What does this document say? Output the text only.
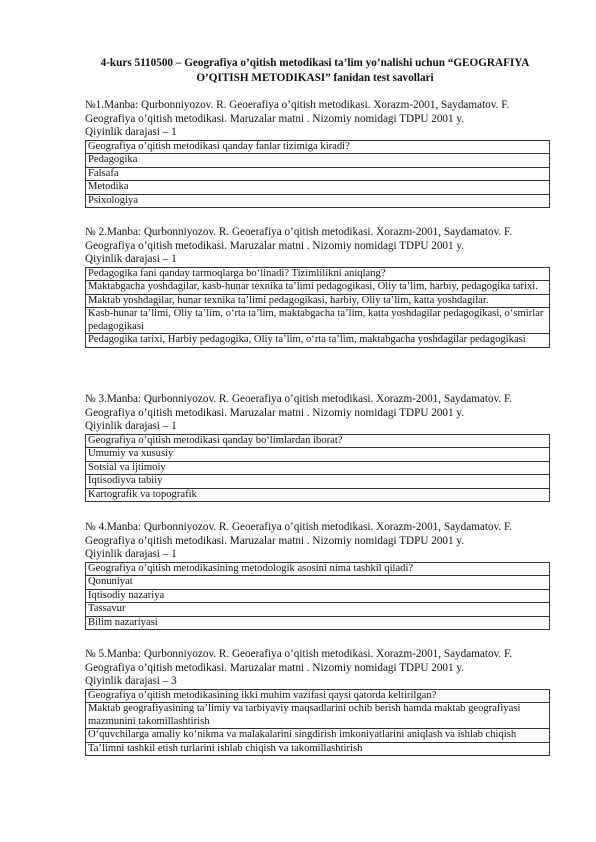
4-kurs 5110500 – Geografiya o’qitish metodikasi ta’lim yo’nalishi uchun “GEOGRAFIYA
O’QITISH METODIKASI” fanidan test savollari
№1.Manba: Qurbonniyozov. R. Geoerafiya o’qitish metodikasi. Xorazm-2001, Saydamatov. F. Geografiya o’qitish metodikasi. Maruzalar matni . Nizomiy nomidagi TDPU 2001 y.
Qiyinlik darajasi – 1
Geografiya o’qitish metodikasi qanday fanlar tizimiga kiradi?
Pedagogika
Falsafa
Metodika
Psixologiya
№ 2.Manba: Qurbonniyozov. R. Geoerafiya o’qitish metodikasi. Xorazm-2001, Saydamatov. F. Geografiya o’qitish metodikasi. Maruzalar matni . Nizomiy nomidagi TDPU 2001 y.
Qiyinlik darajasi – 1
Pedagogika fani qanday tarmoqlarga bo‘linadi? Tizimlilikni aniqlang?
Maktabgacha yoshdagilar, kasb-hunar texnika ta’limi pedagogikasi, Oliy ta’lim, harbiy, pedagogika tarixi.
Maktab yoshdagilar, hunar texnika ta’limi pedagogikasi, harbiy, Oliy ta’lim, katta yoshdagilar.
Kasb-hunar ta’limi, Oliy ta’lim, o‘rta ta’lim, maktabgacha ta’lim, katta yoshdagilar pedagogikasi, o‘smirlar pedagogikasi
Pedagogika tarixi, Harbiy pedagogika, Oliy ta’lim, o‘rta ta’lim, maktabgacha yoshdagilar pedagogikasi
№ 3.Manba: Qurbonniyozov. R. Geoerafiya o’qitish metodikasi. Xorazm-2001, Saydamatov. F. Geografiya o’qitish metodikasi. Maruzalar matni . Nizomiy nomidagi TDPU 2001 y.
Qiyinlik darajasi – 1
Geografiya o’qitish metodikasi qanday bo‘limlardan iborat?
Umumiy va xususiy
Sotsial va ijtimoiy
Iqtisodiyva tabiiy
Kartografik va topografik
№ 4.Manba: Qurbonniyozov. R. Geoerafiya o’qitish metodikasi. Xorazm-2001, Saydamatov. F. Geografiya o’qitish metodikasi. Maruzalar matni . Nizomiy nomidagi TDPU 2001 y.
Qiyinlik darajasi – 1
Geografiya o’qitish metodikasining metodologik asosini nima tashkil qiladi?
Qonuniyat
Iqtisodiy nazariya
Tassavur
Bilim nazariyasi
№ 5.Manba: Qurbonniyozov. R. Geoerafiya o’qitish metodikasi. Xorazm-2001, Saydamatov. F. Geografiya o’qitish metodikasi. Maruzalar matni . Nizomiy nomidagi TDPU 2001 y.
Qiyinlik darajasi – 3
Geografiya o’qitish metodikasining ikki muhim vazifasi qaysi qatorda keltirilgan?
Maktab geografiyasining ta’limiy va tarbiyaviy maqsadlarini ochib berish hamda maktab geografiyasi mazmunini takomillashtirish
O‘quvchilarga amaliy ko‘nikma va malakalarini singdirish imkoniyatlarini aniqlash va ishlab chiqish
Ta’limni tashkil etish turlarini ishlab chiqish va takomillashtirish
